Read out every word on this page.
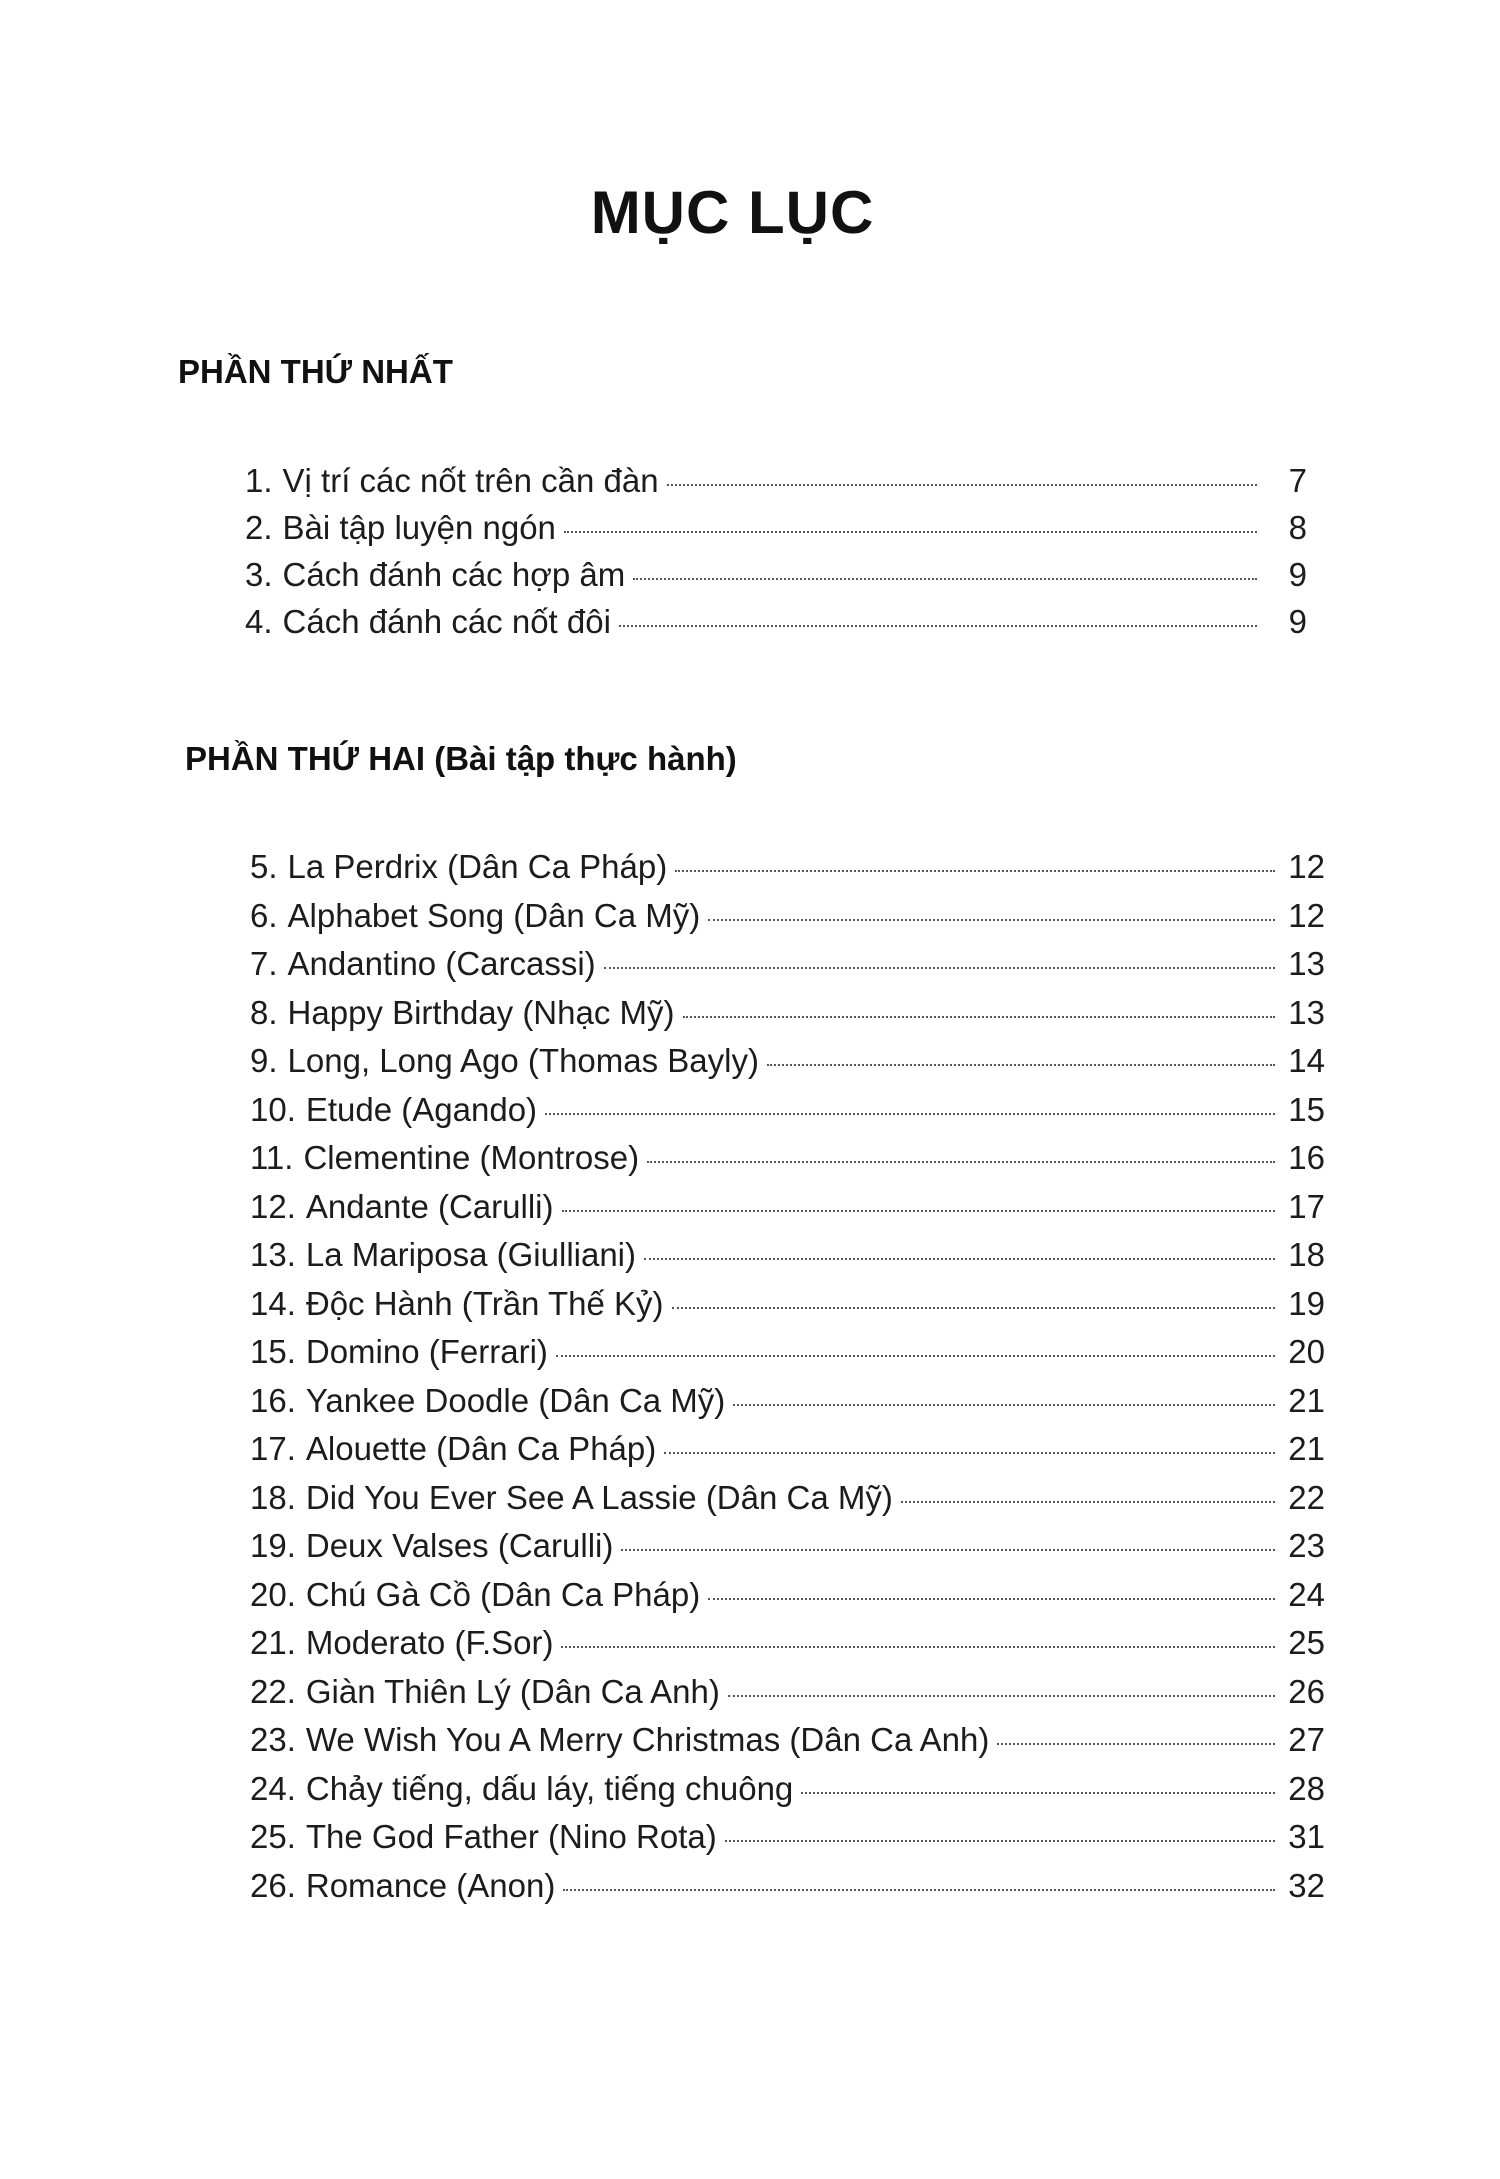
MỤC LỤC
PHẦN THỨ NHẤT
1. Vị trí các nốt trên cần đàn	7
2. Bài tập luyện ngón	8
3. Cách đánh các hợp âm	9
4. Cách đánh các nốt đôi	9
PHẦN THỨ HAI (Bài tập thực hành)
5. La Perdrix (Dân Ca Pháp)	12
6. Alphabet Song (Dân Ca Mỹ)	12
7. Andantino (Carcassi)	13
8. Happy Birthday (Nhạc Mỹ)	13
9. Long, Long Ago (Thomas Bayly)	14
10. Etude (Agando)	15
11. Clementine (Montrose)	16
12. Andante (Carulli)	17
13. La Mariposa (Giulliani)	18
14. Độc Hành (Trần Thế Kỷ)	19
15. Domino (Ferrari)	20
16. Yankee Doodle (Dân Ca Mỹ)	21
17. Alouette (Dân Ca Pháp)	21
18. Did You Ever See A Lassie (Dân Ca Mỹ)	22
19. Deux Valses (Carulli)	23
20. Chú Gà Cồ (Dân Ca Pháp)	24
21. Moderato (F.Sor)	25
22. Giàn Thiên Lý (Dân Ca Anh)	26
23. We Wish You A Merry Christmas (Dân Ca Anh)	27
24. Chảy tiếng, dấu láy, tiếng chuông	28
25. The God Father (Nino Rota)	31
26. Romance (Anon)	32
